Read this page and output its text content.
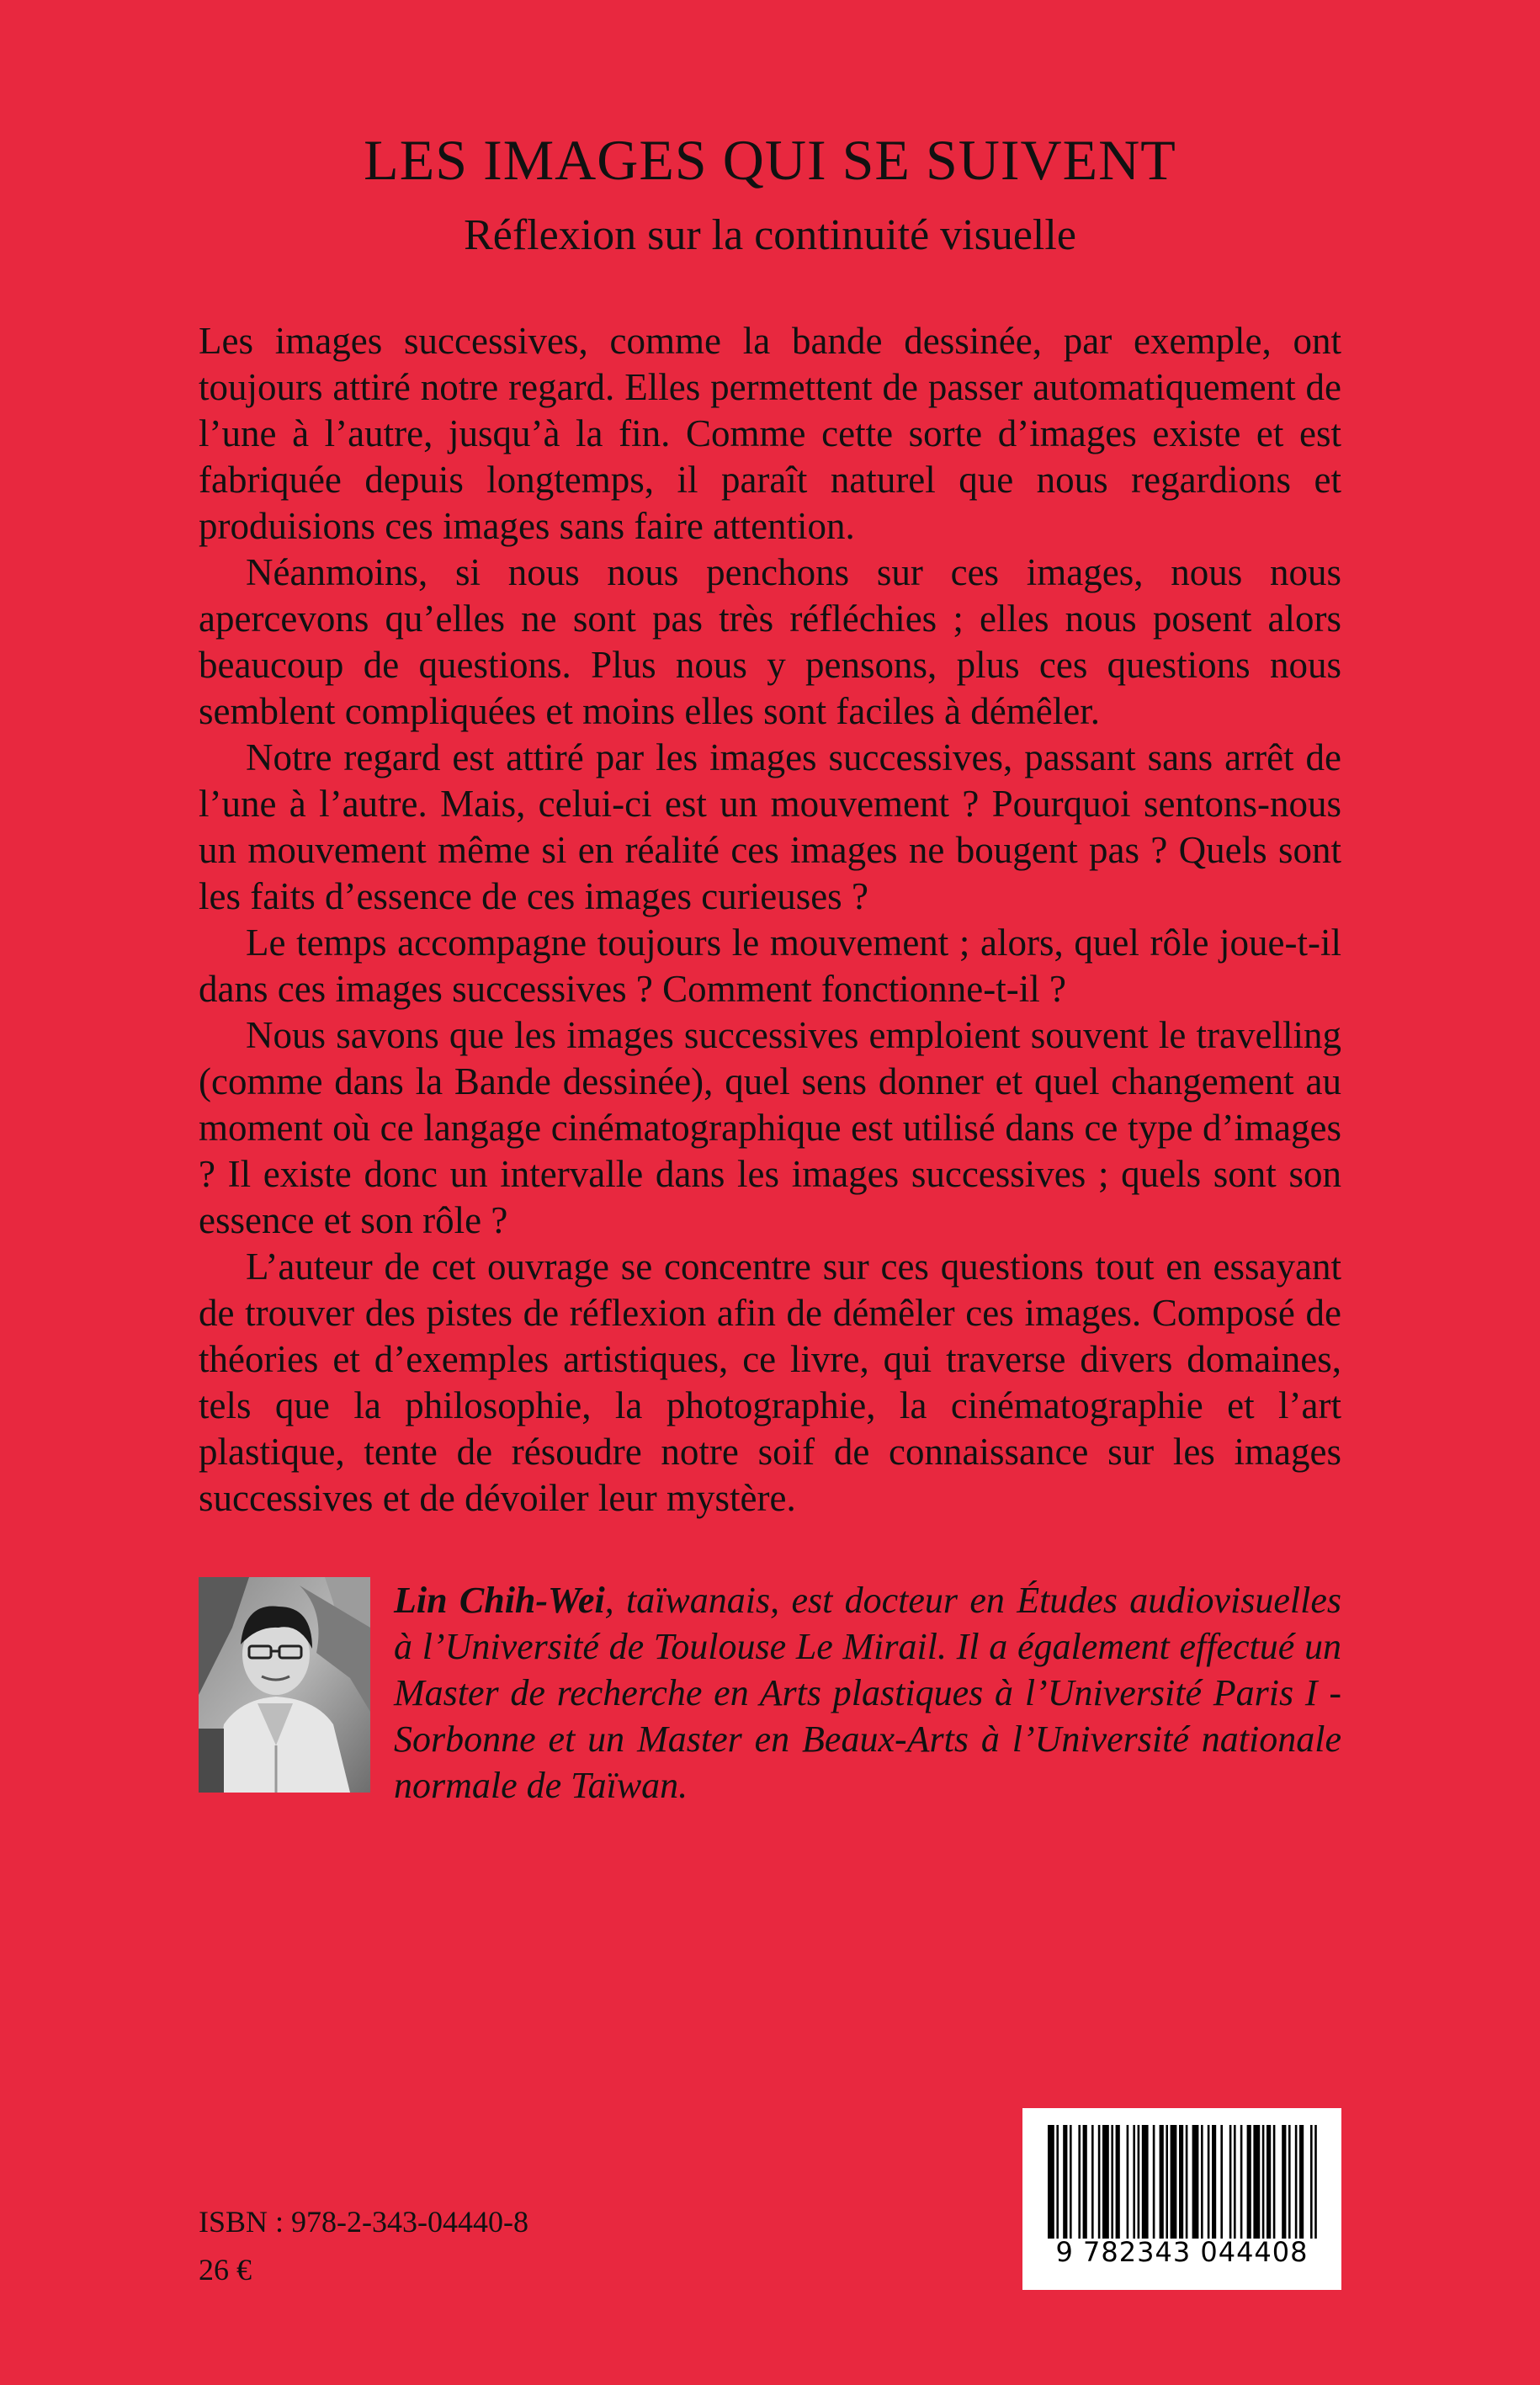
LES IMAGES QUI SE SUIVENT
Réflexion sur la continuité visuelle

Les images successives, comme la bande dessinée, par exemple, ont toujours attiré notre regard. Elles permettent de passer automatiquement de l’une à l’autre, jusqu’à la fin. Comme cette sorte d’images existe et est fabriquée depuis longtemps, il paraît naturel que nous regardions et produisions ces images sans faire attention.

Néanmoins, si nous nous penchons sur ces images, nous nous apercevons qu’elles ne sont pas très réfléchies ; elles nous posent alors beaucoup de questions. Plus nous y pensons, plus ces questions nous semblent compliquées et moins elles sont faciles à démêler.

Notre regard est attiré par les images successives, passant sans arrêt de l’une à l’autre. Mais, celui-ci est un mouvement ? Pourquoi sentons-nous un mouvement même si en réalité ces images ne bougent pas ? Quels sont les faits d’essence de ces images curieuses ?

Le temps accompagne toujours le mouvement ; alors, quel rôle joue-t-il dans ces images successives ? Comment fonctionne-t-il ?

Nous savons que les images successives emploient souvent le travelling (comme dans la Bande dessinée), quel sens donner et quel changement au moment où ce langage cinématographique est utilisé dans ce type d’images ? Il existe donc un intervalle dans les images successives ; quels sont son essence et son rôle ?

L’auteur de cet ouvrage se concentre sur ces questions tout en essayant de trouver des pistes de réflexion afin de démêler ces images. Composé de théories et d’exemples artistiques, ce livre, qui traverse divers domaines, tels que la philosophie, la photographie, la cinématographie et l’art plastique, tente de résoudre notre soif de connaissance sur les images successives et de dévoiler leur mystère.

Lin Chih-Wei, taïwanais, est docteur en Études audiovisuelles à l’Université de Toulouse Le Mirail. Il a également effectué un Master de recherche en Arts plastiques à l’Université Paris I - Sorbonne et un Master en Beaux-Arts à l’Université nationale normale de Taïwan.
ISBN : 978-2-343-04440-8
26 €
9 782343 044408
